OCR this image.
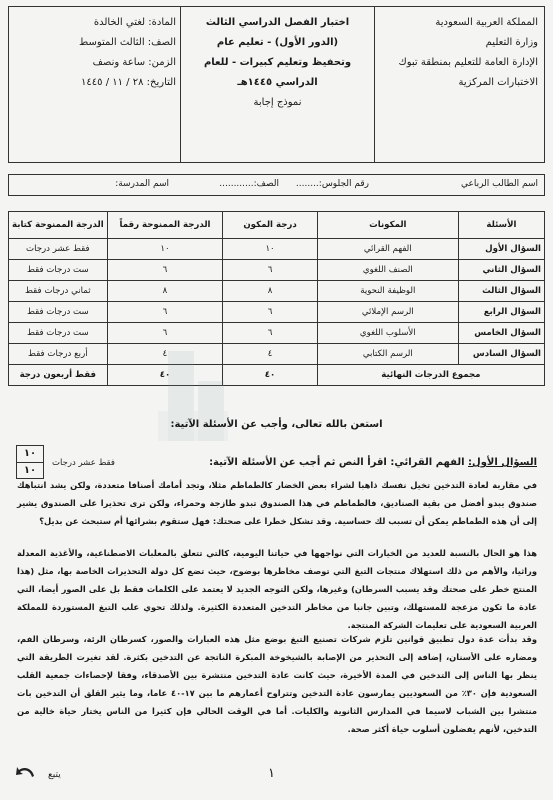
المملكة العربية السعودية
وزارة التعليم
الإدارة العامة للتعليم بمنطقة تبوك
الاختبارات المركزية
اختبار الفصل الدراسي الثالث
(الدور الأول) - تعليم عام
وتحفيظ وتعليم كبيرات - للعام
الدراسي ١٤٤٥هـ
نموذج إجابة
المادة: لغتي الخالدة
الصف: الثالث المتوسط
الزمن: ساعة ونصف
التاريخ: ٢٨ / ١١ / ١٤٤٥
اسم الطالب الرباعي
رقم الجلوس:........
الصف:............
اسم المدرسة:
الأسئلة	المكونات	درجة المكون	الدرجة الممنوحة رقماً	الدرجة الممنوحة كتابة
السؤال الأول	الفهم القرائي	١٠	١٠	فقط عشر درجات
السؤال الثاني	الصنف اللغوي	٦	٦	ست درجات فقط
السؤال الثالث	الوظيفة النحوية	٨	٨	ثماني درجات فقط
السؤال الرابع	الرسم الإملائي	٦	٦	ست درجات فقط
السؤال الخامس	الأسلوب اللغوي	٦	٦	ست درجات فقط
السؤال السادس	الرسم الكتابي	٤	٤	أربع درجات فقط
مجموع الدرجات النهائية		٤٠	٤٠	فقط أربعون درجة
استعن بالله تعالى، وأجب عن الأسئلة الآتية:
١٠
١٠
فقط عشر درجات	السؤال الأول: الفهم القرائي: اقرأ النص ثم أجب عن الأسئلة الآتية:
في مقاربة لعادة التدخين تخيل نفسك ذاهبا لشراء بعض الخضار كالطماطم مثلا، وتجد أمامك أصنافا متعددة، ولكن يشد انتباهك صندوق يبدو أفضل من بقية الصناديق، فالطماطم في هذا الصندوق تبدو طازجة وحمراء، ولكن ترى تحذيرا على الصندوق يشير إلى أن هذه الطماطم يمكن أن تسبب لك حساسية. وقد تشكل خطرا على صحتك: فهل ستقوم بشرائها أم ستبحث عن بديل؟
هذا هو الحال بالنسبة للعديد من الخيارات التي نواجهها في حياتنا اليومية، كالتي تتعلق بالمعلبات الاصطناعية، والأغذية المعدلة وراثيا، والأهم من ذلك استهلاك منتجات التبغ التي توصف مخاطرها بوضوح، حيث تضع كل دولة التحذيرات الخاصة بها، مثل (هذا المنتج خطر على صحتك وقد يسبب السرطان) وغيرها، ولكن التوجه الجديد لا يعتمد على الكلمات فقط بل على الصور أيضا، التي عادة ما تكون مزعجة للمستهلك، وتبين جانبا من مخاطر التدخين المتعددة الكثيرة. ولذلك تحوي علب التبغ المستوردة للمملكة العربية السعودية على تعليمات الشركة المنتجة.
وقد بدأت عدة دول تطبيق قوانين تلزم شركات تصنيع التبغ بوضع مثل هذه العبارات والصور، كسرطان الرئة، وسرطان الفم، ومضاره على الأسنان، إضافة إلى التحذير من الإصابة بالشيخوخة المبكرة الناتجة عن التدخين بكثرة. لقد تغيرت الطريقة التي ينظر بها الناس إلى التدخين في المدة الأخيرة، حيث كانت عادة التدخين منتشرة بين الأصدقاء، وفقا لإحصاءات جمعية القلب السعودية فإن ٣٠٪ من السعوديين يمارسون عادة التدخين وتتراوح أعمارهم ما بين ١٧-٤٠ عاما، وما يثير القلق أن التدخين بات منتشرا بين الشباب لاسيما في المدارس الثانوية والكليات. أما في الوقت الحالي فإن كثيرا من الناس يختار حياة خالية من التدخين، لأنهم يفضلون أسلوب حياة أكثر صحة.
يتبع	١
